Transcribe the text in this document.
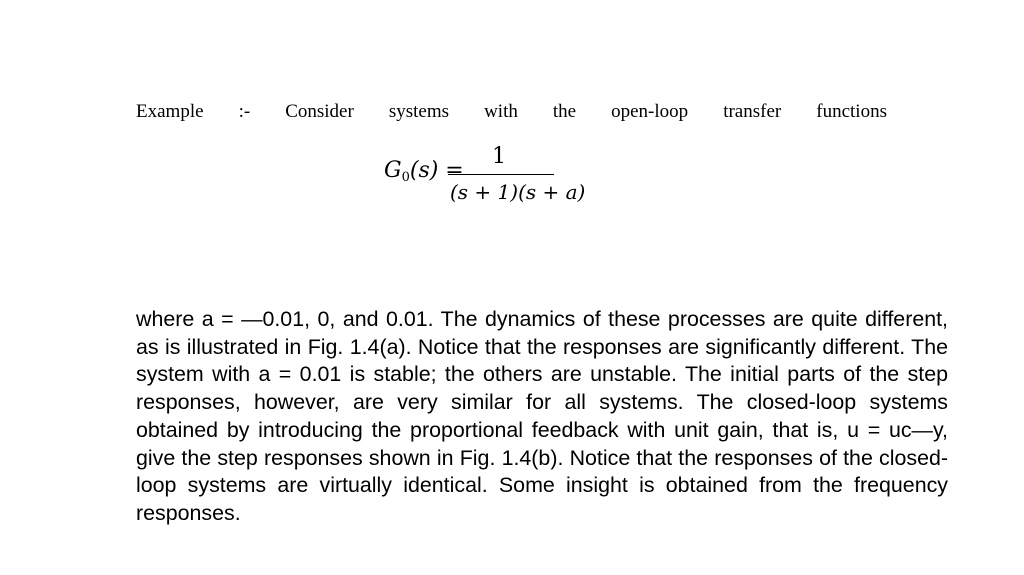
Example :- Consider systems with the open-loop transfer functions
$G_0(s)$ =
1
(s + 1)(s + a)

where a = —0.01, 0, and 0.01. The dynamics of these processes are quite different, as is illustrated in Fig. 1.4(a). Notice that the responses are significantly different. The system with a = 0.01 is stable; the others are unstable. The initial parts of the step responses, however, are very similar for all systems. The closed-loop systems obtained by introducing the proportional feedback with unit gain, that is, u = uc—y, give the step responses shown in Fig. 1.4(b). Notice that the responses of the closed-loop systems are virtually identical. Some insight is obtained from the frequency responses.
